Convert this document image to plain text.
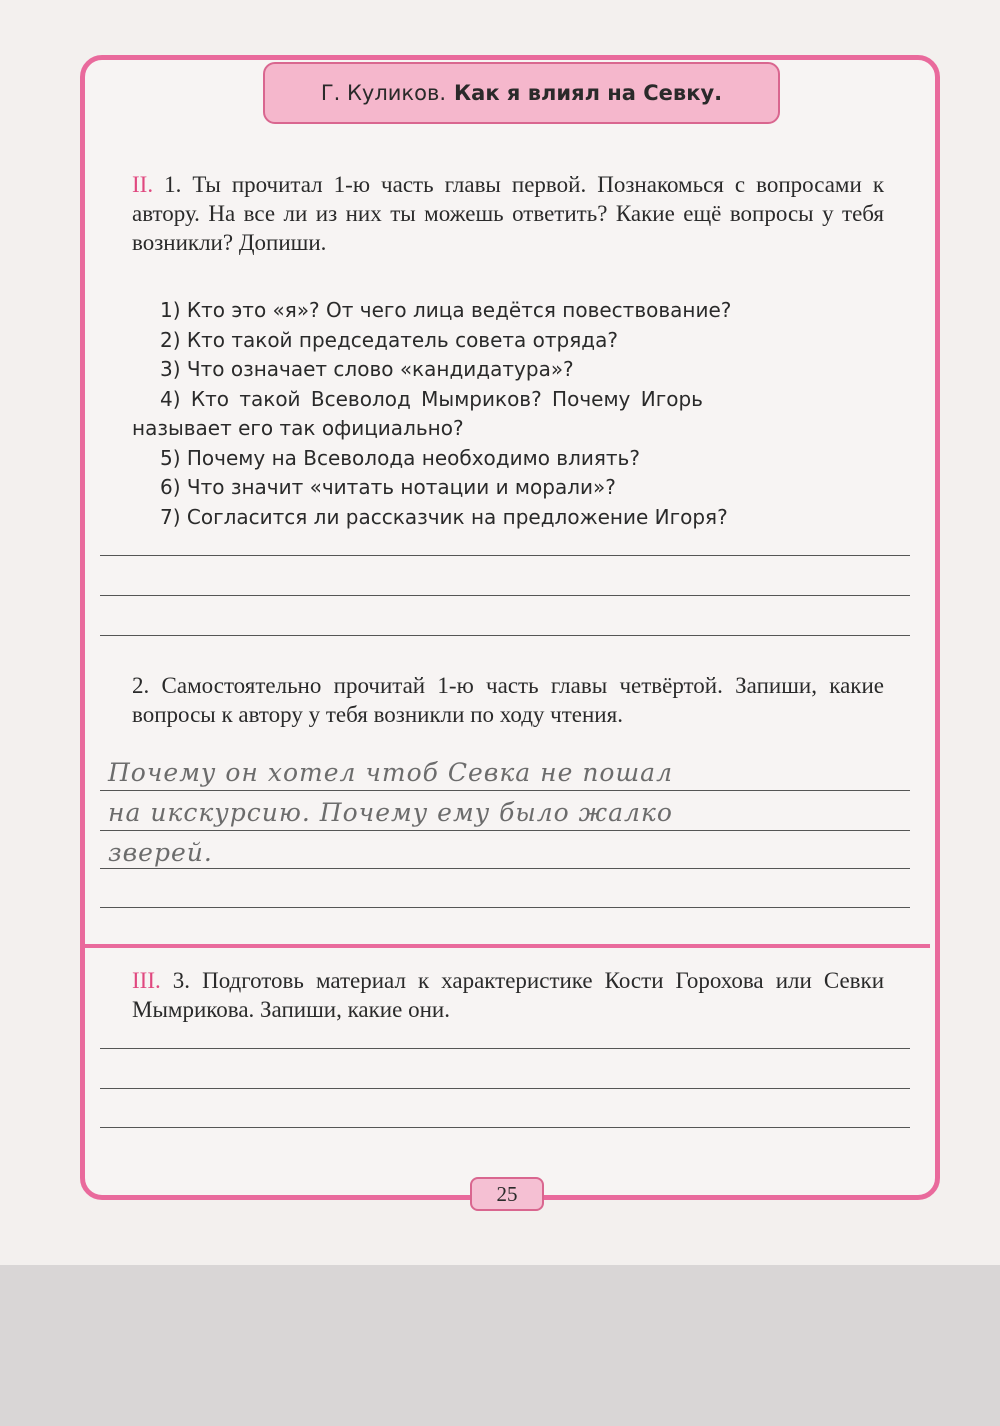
Г. Куликов. Как я влиял на Севку.
II. 1. Ты прочитал 1-ю часть главы первой. Познакомься с вопросами к автору. На все ли из них ты можешь ответить? Какие ещё вопросы у тебя возникли? Допиши.
1) Кто это «я»? От чего лица ведётся повествование?
2) Кто такой председатель совета отряда?
3) Что означает слово «кандидатура»?
4) Кто такой Всеволод Мымриков? Почему Игорь
называет его так официально?
5) Почему на Всеволода необходимо влиять?
6) Что значит «читать нотации и морали»?
7) Согласится ли рассказчик на предложение Игоря?
2. Самостоятельно прочитай 1-ю часть главы четвёртой. Запиши, какие вопросы к автору у тебя возникли по ходу чтения.
Почему он хотел чтоб Севка не пошал
на икскурсию. Почему ему было жалко
зверей.
III. 3. Подготовь материал к характеристике Кости Горохова или Севки Мымрикова. Запиши, какие они.
25
